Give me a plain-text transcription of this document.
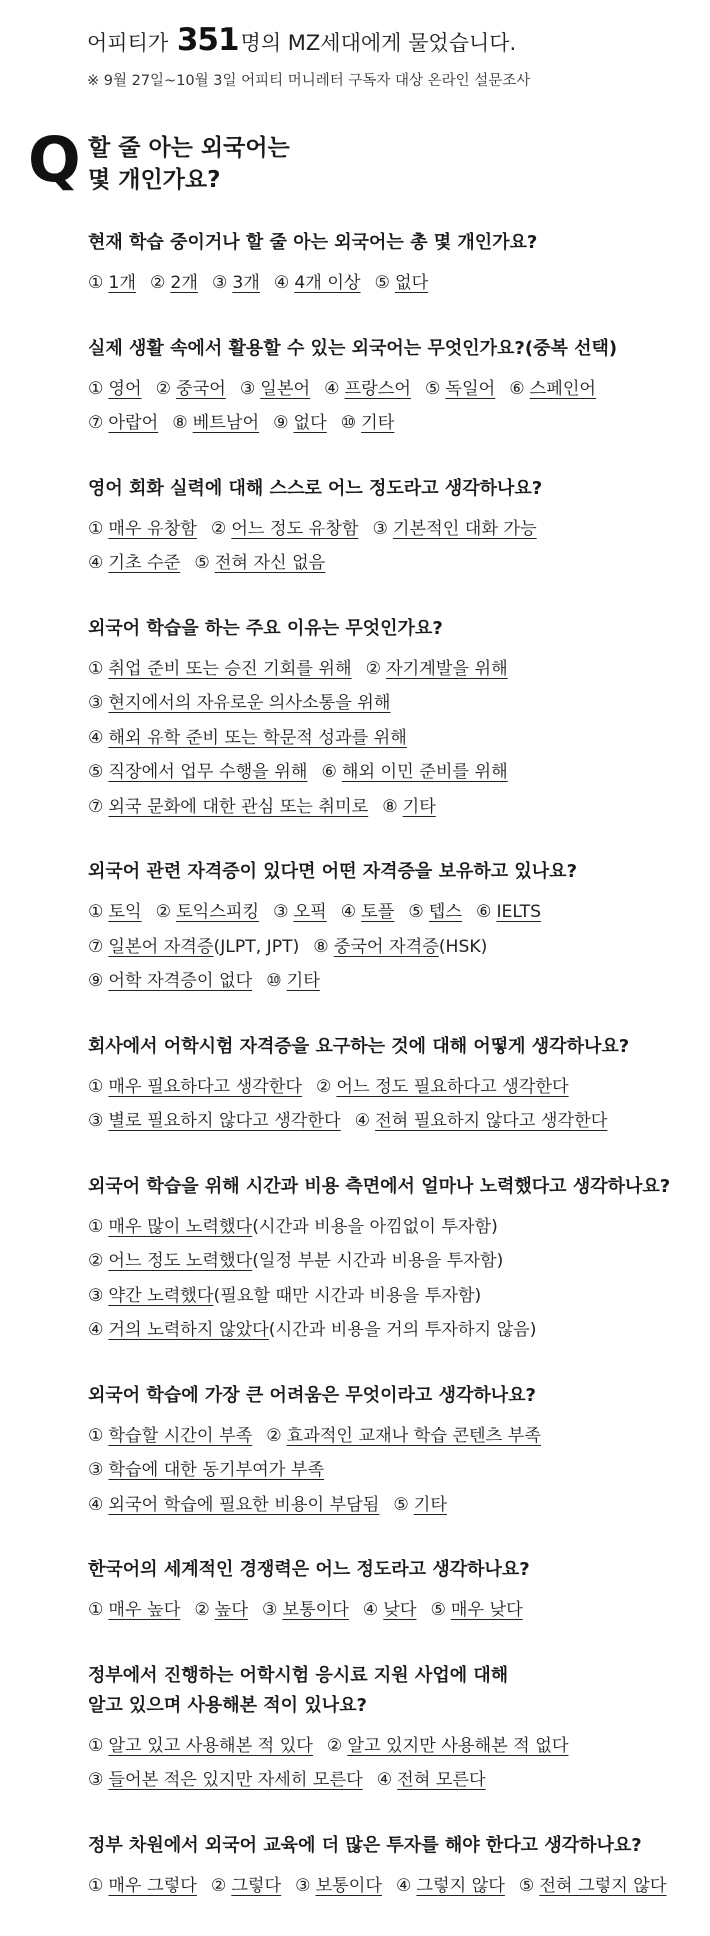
어피티가 351명의 MZ세대에게 물었습니다.

※ 9월 27일~10월 3일 어피티 머니레터 구독자 대상 온라인 설문조사

Q 할 줄 아는 외국어는
몇 개인가요?

현재 학습 중이거나 할 줄 아는 외국어는 총 몇 개인가요?

① 1개 ② 2개 ③ 3개 ④ 4개 이상 ⑤ 없다

실제 생활 속에서 활용할 수 있는 외국어는 무엇인가요?(중복 선택)

① 영어 ② 중국어 ③ 일본어 ④ 프랑스어 ⑤ 독일어 ⑥ 스페인어
⑦ 아랍어 ⑧ 베트남어 ⑨ 없다 ⑩ 기타

영어 회화 실력에 대해 스스로 어느 정도라고 생각하나요?

① 매우 유창함 ② 어느 정도 유창함 ③ 기본적인 대화 가능
④ 기초 수준 ⑤ 전혀 자신 없음

외국어 학습을 하는 주요 이유는 무엇인가요?

① 취업 준비 또는 승진 기회를 위해 ② 자기계발을 위해
③ 현지에서의 자유로운 의사소통을 위해
④ 해외 유학 준비 또는 학문적 성과를 위해
⑤ 직장에서 업무 수행을 위해 ⑥ 해외 이민 준비를 위해
⑦ 외국 문화에 대한 관심 또는 취미로 ⑧ 기타

외국어 관련 자격증이 있다면 어떤 자격증을 보유하고 있나요?

① 토익 ② 토익스피킹 ③ 오픽 ④ 토플 ⑤ 텝스 ⑥ IELTS
⑦ 일본어 자격증(JLPT, JPT) ⑧ 중국어 자격증(HSK)
⑨ 어학 자격증이 없다 ⑩ 기타

회사에서 어학시험 자격증을 요구하는 것에 대해 어떻게 생각하나요?

① 매우 필요하다고 생각한다 ② 어느 정도 필요하다고 생각한다
③ 별로 필요하지 않다고 생각한다 ④ 전혀 필요하지 않다고 생각한다

외국어 학습을 위해 시간과 비용 측면에서 얼마나 노력했다고 생각하나요?

① 매우 많이 노력했다(시간과 비용을 아낌없이 투자함)
② 어느 정도 노력했다(일정 부분 시간과 비용을 투자함)
③ 약간 노력했다(필요할 때만 시간과 비용을 투자함)
④ 거의 노력하지 않았다(시간과 비용을 거의 투자하지 않음)

외국어 학습에 가장 큰 어려움은 무엇이라고 생각하나요?

① 학습할 시간이 부족 ② 효과적인 교재나 학습 콘텐츠 부족
③ 학습에 대한 동기부여가 부족
④ 외국어 학습에 필요한 비용이 부담됨 ⑤ 기타

한국어의 세계적인 경쟁력은 어느 정도라고 생각하나요?

① 매우 높다 ② 높다 ③ 보통이다 ④ 낮다 ⑤ 매우 낮다

정부에서 진행하는 어학시험 응시료 지원 사업에 대해
알고 있으며 사용해본 적이 있나요?

① 알고 있고 사용해본 적 있다 ② 알고 있지만 사용해본 적 없다
③ 들어본 적은 있지만 자세히 모른다 ④ 전혀 모른다

정부 차원에서 외국어 교육에 더 많은 투자를 해야 한다고 생각하나요?

① 매우 그렇다 ② 그렇다 ③ 보통이다 ④ 그렇지 않다 ⑤ 전혀 그렇지 않다
